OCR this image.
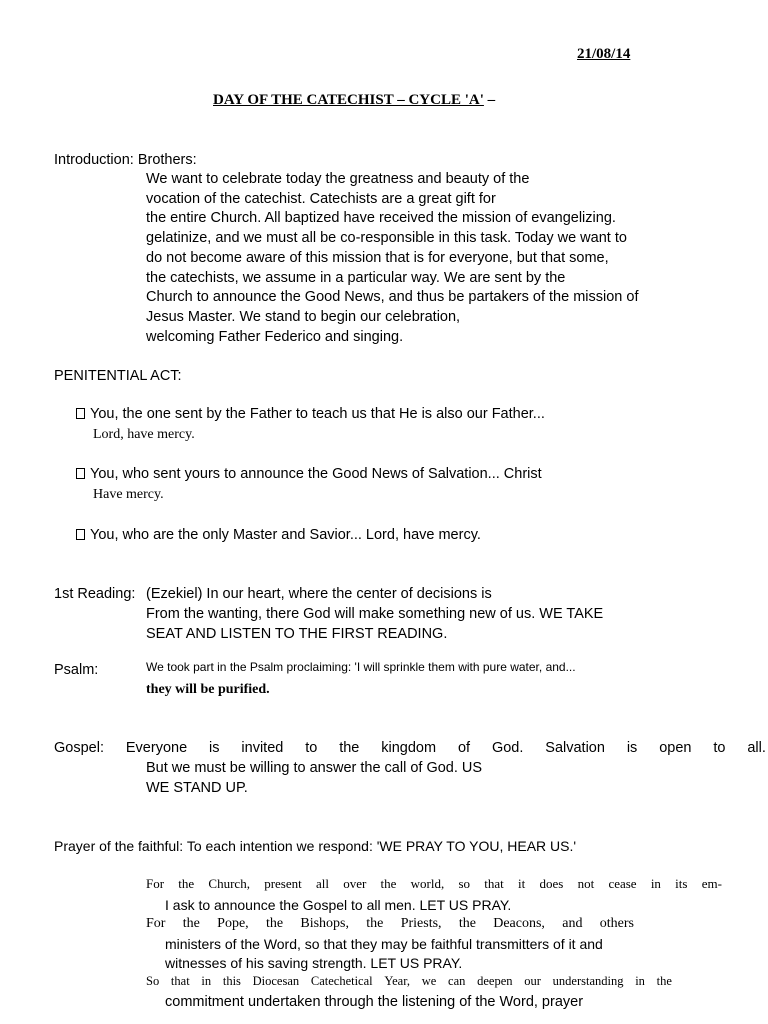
21/08/14
DAY OF THE CATECHIST – CYCLE 'A' –
Introduction: Brothers:
We want to celebrate today the greatness and beauty of the
vocation of the catechist. Catechists are a great gift for
the entire Church. All baptized have received the mission of evangelizing.
gelatinize, and we must all be co-responsible in this task. Today we want to
do not become aware of this mission that is for everyone, but that some,
the catechists, we assume in a particular way. We are sent by the
Church to announce the Good News, and thus be partakers of the mission of
Jesus Master. We stand to begin our celebration,
welcoming Father Federico and singing.
PENITENTIAL ACT:
You, the one sent by the Father to teach us that He is also our Father...
Lord, have mercy.
You, who sent yours to announce the Good News of Salvation... Christ
Have mercy.
You, who are the only Master and Savior... Lord, have mercy.
1st Reading: (Ezekiel) In our heart, where the center of decisions is
From the wanting, there God will make something new of us. WE TAKE
SEAT AND LISTEN TO THE FIRST READING.
Psalm:	We took part in the Psalm proclaiming: 'I will sprinkle them with pure water, and...
they will be purified.
Gospel: Everyone is invited to the kingdom of God. Salvation is open to all.
But we must be willing to answer the call of God. US
WE STAND UP.
Prayer of the faithful: To each intention we respond: 'WE PRAY TO YOU, HEAR US.'
For the Church, present all over the world, so that it does not cease in its em-
I ask to announce the Gospel to all men. LET US PRAY.
For the Pope, the Bishops, the Priests, the Deacons, and others
ministers of the Word, so that they may be faithful transmitters of it and
witnesses of his saving strength. LET US PRAY.
So that in this Diocesan Catechetical Year, we can deepen our understanding in the
commitment undertaken through the listening of the Word, prayer
